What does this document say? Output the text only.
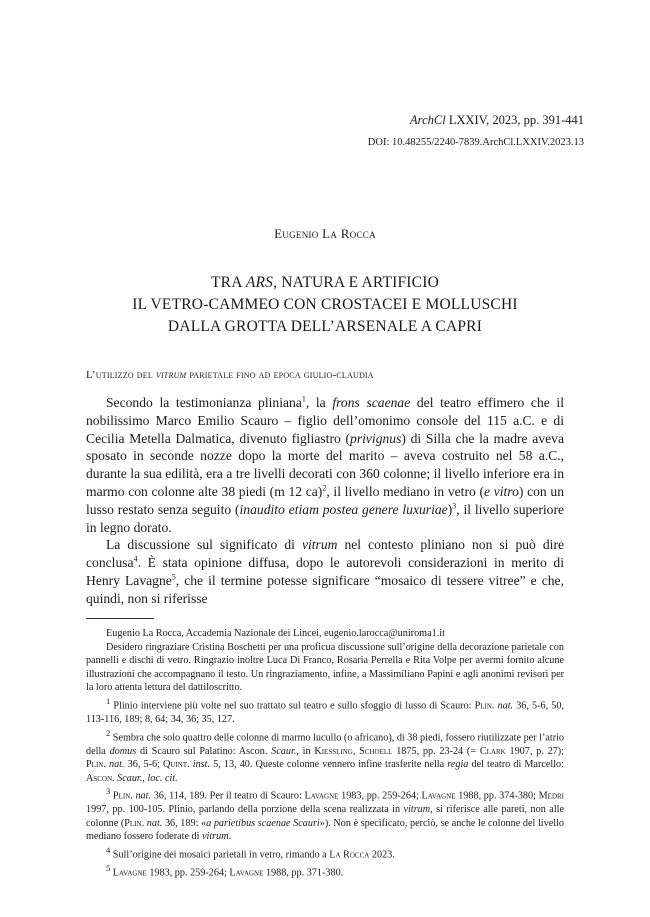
ArchCl LXXIV, 2023, pp. 391-441
DOI: 10.48255/2240-7839.ArchCl.LXXIV.2023.13
Eugenio La Rocca
TRA ARS, NATURA E ARTIFICIO
IL VETRO-CAMMEO CON CROSTACEI E MOLLUSCHI
DALLA GROTTA DELL’ARSENALE A CAPRI
L’utilizzo del vitrum parietale fino ad epoca giulio-claudia

Secondo la testimonianza pliniana$^1$, la frons scaenae del teatro effimero che il nobilissimo Marco Emilio Scauro – figlio dell’omonimo console del 115 a.C. e di Cecilia Metella Dalmatica, divenuto figliastro (privignus) di Silla che la madre aveva sposato in seconde nozze dopo la morte del marito – aveva costruito nel 58 a.C., durante la sua edilità, era a tre livelli decorati con 360 colonne; il livello inferiore era in marmo con colonne alte 38 piedi (m 12 ca)$^2$, il livello mediano in vetro (e vitro) con un lusso restato senza seguito (inaudito etiam postea genere luxuriae)$^3$, il livello superiore in legno dorato.

La discussione sul significato di vitrum nel contesto pliniano non si può dire conclusa$^4$. È stata opinione diffusa, dopo le autorevoli considerazioni in merito di Henry Lavagne$^5$, che il termine potesse significare “mosaico di tessere vitree” e che, quindi, non si riferisse

Eugenio La Rocca, Accademia Nazionale dei Lincei, eugenio.larocca@uniroma1.it

Desidero ringraziare Cristina Boschetti per una proficua discussione sull’origine della decorazione parietale con pannelli e dischi di vetro. Ringrazio inoltre Luca Di Franco, Rosaria Perrella e Rita Volpe per avermi fornito alcune illustrazioni che accompagnano il testo. Un ringraziamento, infine, a Massimiliano Papini e agli anonimi revisori per la loro attenta lettura del dattiloscritto.

$^1$ Plinio interviene più volte nel suo trattato sul teatro e sullo sfoggio di lusso di Scauro: Plin. nat. 36, 5-6, 50, 113-116, 189; 8, 64; 34, 36; 35, 127.

$^2$ Sembra che solo quattro delle colonne di marmo lucullo (o africano), di 38 piedi, fossero riutilizzate per l’atrio della domus di Scauro sul Palatino: Ascon. Scaur., in Kiessling, Schoell 1875, pp. 23-24 (= Clark 1907, p. 27); Plin. nat. 36, 5-6; Quint. inst. 5, 13, 40. Queste colonne vennero infine trasferite nella regia del teatro di Marcello: Ascon. Scaur., loc. cit.

$^3$ Plin. nat. 36, 114, 189. Per il teatro di Scauro: Lavagne 1983, pp. 259-264; Lavagne 1988, pp. 374-380; Medri 1997, pp. 100-105. Plinio, parlando della porzione della scena realizzata in vitrum, si riferisce alle pareti, non alle colonne (Plin. nat. 36, 189: «a parietibus scaenae Scauri»). Non è specificato, perciò, se anche le colonne del livello mediano fossero foderate di vitrum.

$^4$ Sull’origine dei mosaici parietali in vetro, rimando a La Rocca 2023.

$^5$ Lavagne 1983, pp. 259-264; Lavagne 1988, pp. 371-380.
